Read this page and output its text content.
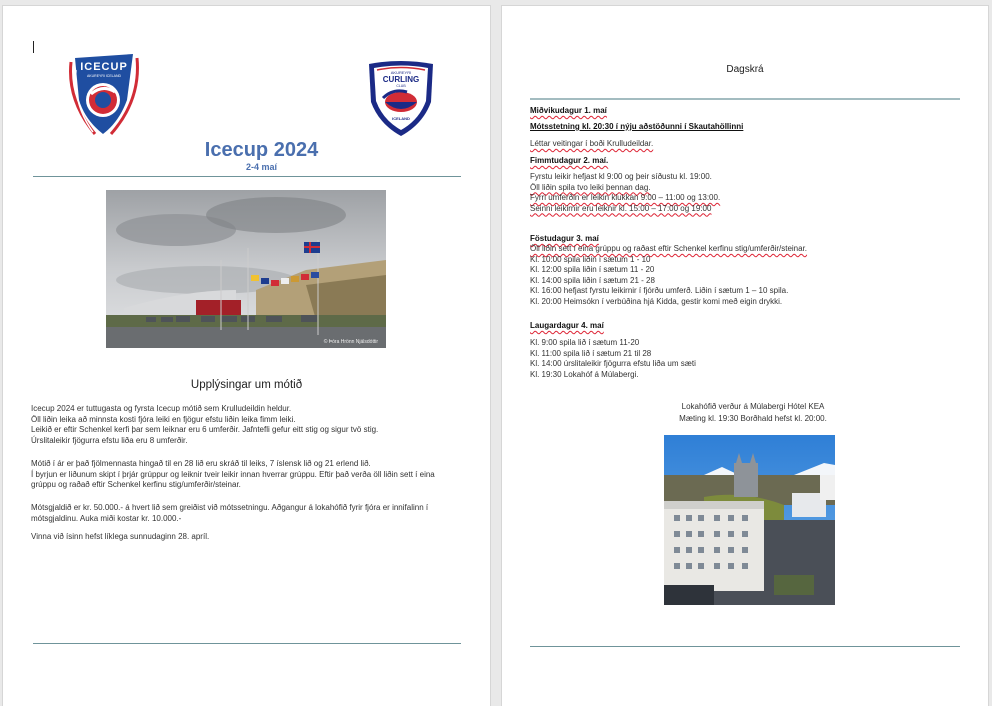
ICECUP
AKUREYRI ICELAND
AKUREYRI
CURLING
CLUB
ICELAND
Icecup 2024
2-4 maí
© Þóra Hrönn Njálsdóttir
Upplýsingar um mótið
Icecup 2024 er tuttugasta og fyrsta Icecup mótið sem Krulludeildin heldur.
Öll liðin leika að minnsta kosti fjóra leiki en fjögur efstu liðin leika fimm leiki.
Leikið er eftir Schenkel kerfi þar sem leiknar eru 6 umferðir. Jafntefli gefur eitt stig og sigur tvö stig.
Úrslitaleikir fjögurra efstu liða eru 8 umferðir.
Mótið í ár er það fjölmennasta hingað til en 28 lið eru skráð til leiks, 7 íslensk lið og 21 erlend lið.
Í byrjun er liðunum skipt í þrjár grúppur og leiknir tveir leikir innan hverrar grúppu. Eftir það verða öll liðin sett í eina
grúppu og raðað eftir Schenkel kerfinu stig/umferðir/steinar.
Mótsgjaldið er kr. 50.000.- á hvert lið sem greiðist við mótssetningu. Aðgangur á lokahófið fyrir fjóra er innifalinn í
mótsgjaldinu. Auka miði kostar kr. 10.000.-
Vinna við ísinn hefst líklega sunnudaginn 28. apríl.
Dagskrá
Miðvikudagur 1. maí
Mótsstetning kl. 20:30 í nýju aðstöðunni í Skautahöllinni
Léttar veitingar í boði Krulludeildar.
Fimmtudagur 2. maí.
Fyrstu leikir hefjast kl 9:00 og þeir síðustu kl. 19:00.
Öll liðin spila tvo leiki þennan dag.
Fyrri umferðin er leikin klukkan 9:00 – 11:00 og 13:00.
Seinni leikirnir eru leiknir kl. 15:00 – 17:00 og 19:00
Föstudagur 3. maí
Öll liðin sett í eina grúppu og raðast eftir Schenkel kerfinu stig/umferðir/steinar.
Kl. 10:00 spila liðin í sætum 1 - 10
Kl. 12:00 spila liðin í sætum 11 - 20
Kl. 14:00 spila liðin í sætum 21 - 28
Kl. 16:00 hefjast fyrstu leikirnir í fjórðu umferð. Liðin í sætum 1 – 10 spila.
Kl. 20:00 Heimsókn í verbúðina hjá Kidda, gestir komi með eigin drykki.
Laugardagur 4. maí
Kl. 9:00 spila lið í sætum 11-20
Kl. 11:00 spila lið í sætum 21 til 28
Kl. 14:00 úrslitaleikir fjögurra efstu liða um sæti
Kl. 19:30 Lokahóf á Múlabergi.
Lokahófið verður á Múlabergi Hótel KEA
Mæting kl. 19:30 Borðhald hefst kl. 20:00.
